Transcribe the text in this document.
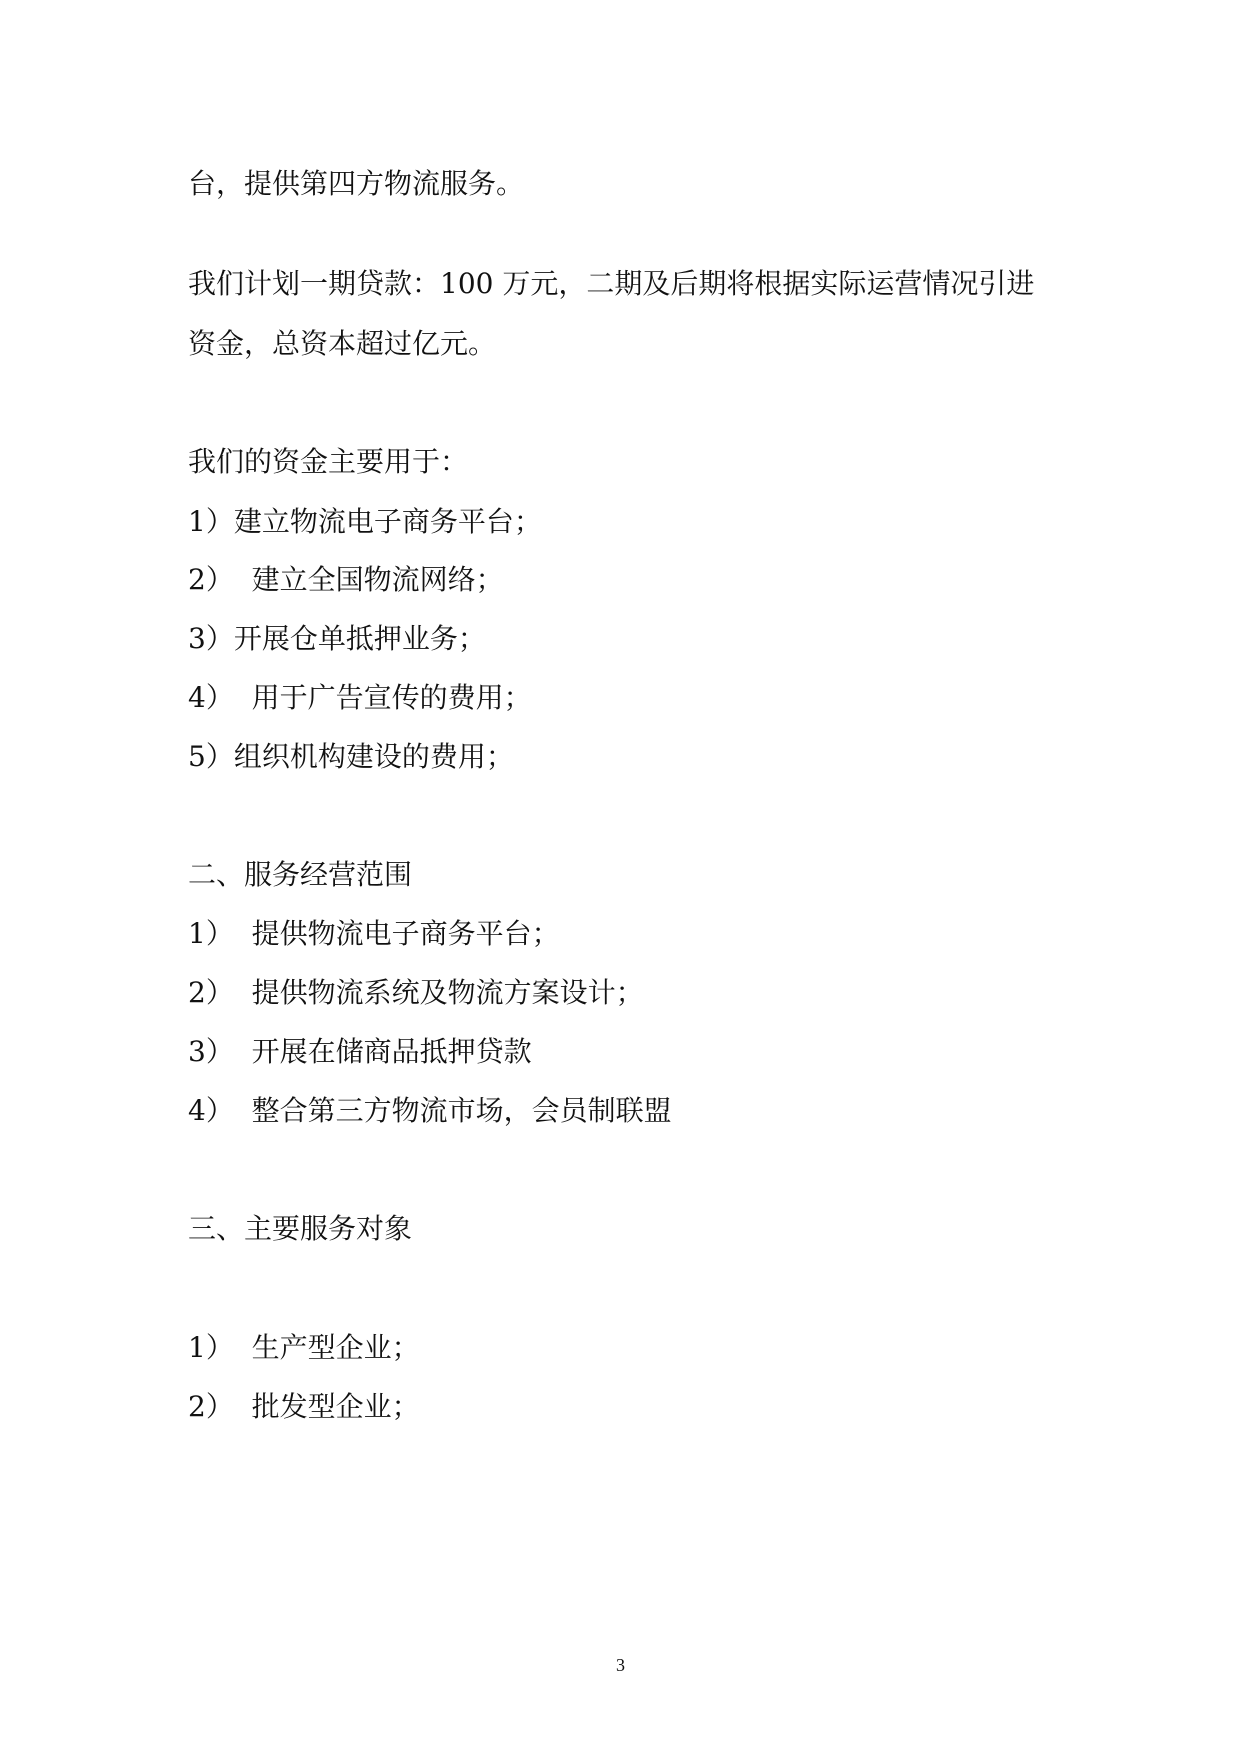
台，提供第四方物流服务。

我们计划一期贷款：100 万元，二期及后期将根据实际运营情况引进

资金，总资本超过亿元。

我们的资金主要用于：

1）建立物流电子商务平台；

2）  建立全国物流网络；

3）开展仓单抵押业务；

4）  用于广告宣传的费用；

5）组织机构建设的费用；

二、服务经营范围

1）  提供物流电子商务平台；

2）  提供物流系统及物流方案设计；

3）  开展在储商品抵押贷款

4）  整合第三方物流市场，会员制联盟

三、主要服务对象

1）  生产型企业；

2）  批发型企业；

3
